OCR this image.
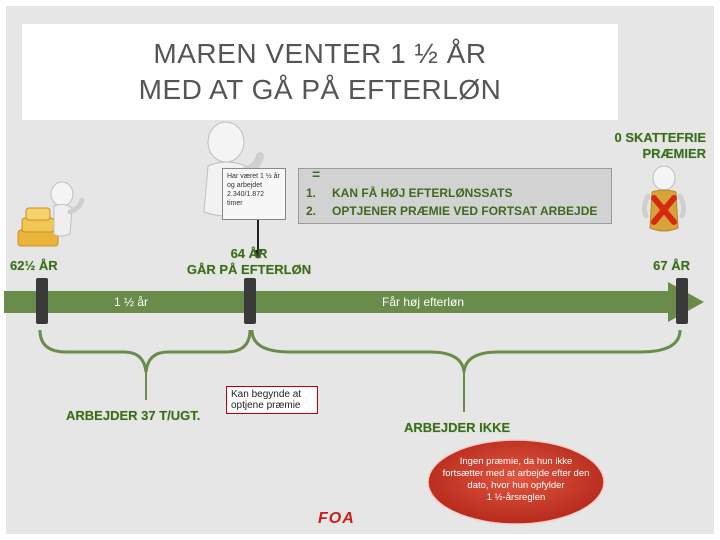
MAREN VENTER 1 ½ ÅR
MED AT GÅ PÅ EFTERLØN
0 SKATTEFRIE
PRÆMIER
Har været 1 ½ år
og arbejdet
2.340/1.872
timer
=
1. KAN FÅ HØJ EFTERLØNSSATS
2. OPTJENER PRÆMIE VED FORTSAT ARBEJDE
62½ ÅR
64 ÅR
GÅR PÅ EFTERLØN	67 ÅR
1 ½ år	Får høj efterløn
ARBEJDER 37 T/UGT.
ARBEJDER IKKE
Kan begynde at
optjene præmie
Ingen præmie, da hun ikke
fortsætter med at arbejde efter den
dato, hvor hun opfylder
1 ½-årsreglen
FOA
